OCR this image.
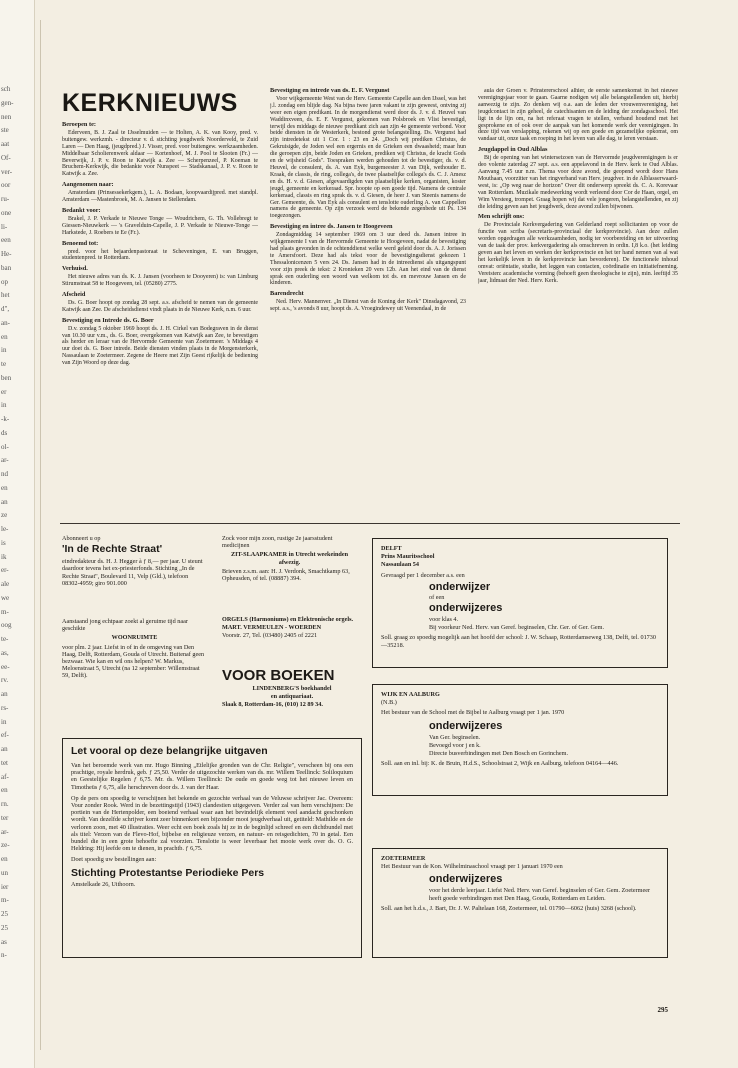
sch
gen-
nen
ste
aat
Of-
ver-
oor
ru-
one
li-
een
He-
ban
op
het
d",
an-
en
in
te
ben
er
in
-k-
ds
ol-
ar-
nd
en
an
ze
le-
is
ik
er-
ale
we
m-
oog
te-
as,
ee-
rv.
an
rs-
in
ef-
an
tet
af-
en
rn.
ter
ar-
ze-
en
un
ier
m-
25
25
as
n-
KERKNIEUWS

Beroepen te:

Ederveen, B. J. Zaal te IJsselmuiden — te Holten, A. K. van Kooy, pred. v. buitengew. werkzmh. - directeur v. d. stichting jeugdwerk Noorderveld, te Zuid Laren — Den Haag, (jeugdpred.) J. Visser, pred. voor buitengew. werkzaamheden. Middelbaar Scholierenwerk aldaar — Kortenhoef, M. J. Pool te Slooten (Fr.) — Beverwijk, J. P. v. Roon te Katwijk a. Zee — Scherpenzeel, P. Koeman te Bruchem-Kerkwijk, die bedankte voor Nunspeet — Stadskanaal, J. P. v. Roon te Katwijk a. Zee.

Aangenomen naar:

Amsterdam (Prinsessekerkgem.), L. A. Bodaan, koopvaardijpred. met standpl. Amsterdam —Mastenbroek, M. A. Jansen te Stellendam.

Bedankt voor:

Brakel, J. P. Verkade te Nieuwe Tonge — Woudrichem, G. Th. Vollebregt te Giessen-Nieuwkerk — 's Gravelduin-Capelle, J. P. Verkade te Nieuwe-Tonge — Harkstede, J. Roebers te Ee (Fr.).

Benoemd tot:

pred. voor het bejaardenpastoraat te Scheveningen, E. van Bruggen, studentenpred. te Rotterdam.

Verhuisd.

Het nieuwe adres van ds. K. J. Jansen (voorheen te Dooyeren) is: van Limburg Stirumstraat 58 te Hoogeveen, tel. (05280) 2775.

Afscheid

Ds. G. Boer hoopt op zondag 28 sept. a.s. afscheid te nemen van de gemeente Katwijk aan Zee. De afscheidsdienst vindt plaats in de Nieuwe Kerk, n.m. 6 uur.

Bevestiging en Intrede ds. G. Boer

D.v. zondag 5 oktober 1969 hoopt ds. J. H. Cirkel van Bodegraven in de dienst van 10.30 uur v.m., ds. G. Boer, overgekomen van Katwijk aan Zee, te bevestigen als herder en leraar van de Hervormde Gemeente van Zoetermeer. 's Middags 4 uur doet ds. G. Boer intrede. Beide diensten vinden plaats in de Morgensterkerk, Nassaulaan te Zoetermeer. Zegene de Heere met Zijn Geest rijkelijk de bediening van Zijn Woord op deze dag.

Bevestiging en intrede van ds. E. F. Vergunst

Voor wijkgemeente West van de Herv. Gemeente Capelle aan den IJssel, was het j.l. zondag een blijde dag. Na bijna twee jaren vakant te zijn geweest, ontving zij weer een eigen predikant. In de morgendienst werd door ds. J. v. d. Heuvel van Waddinxveen, ds. E. F. Vergunst, gekomen van Polsbroek en Vlist bevestigd, terwijl des middags de nieuwe predikant zich aan zijn 4e gemeente verbond. Voor beide diensten in de Westerkerk, bestond grote belangstelling. Ds. Vergunst had zijn intredetekst uit 1 Cor. 1 : 23 en 24. „Doch wij prediken Christus, de Gekruisigde, de Joden wel een ergernis en de Grieken een dwaasheid; maar hun die geroepen zijn, beide Joden en Grieken, prediken wij Christus, de kracht Gods en de wijsheid Gods". Toespraken werden gehouden tot de bevestiger, ds. v. d. Heuvel, de consulent, ds. A. van Eyk, burgemeester J. van Dijk, wethouder E. Kraak, de classis, de ring, collega's, de twee plaatselijke collega's ds. C. J. Amesz en ds. H. v. d. Giesen, afgevaardigden van plaatselijke kerken, organisten, koster jeugd, gemeente en kerkeraad. Spr. hoopte op een goede tijd. Namens de centrale kerkeraad, classis en ring sprak ds. v. d. Giesen, de heer J. van Steenis namens de Ger. Gemeente, ds. Van Eyk als consulent en tenslotte ouderling A. van Cappellen namens de gemeente. Op zijn verzoek werd de bekende zegenbede uit Ps. 134 toegezongen.

Bevestiging en intree ds. Jansen te Hoogeveen

Zondagmiddag 14 september 1969 om 3 uur deed ds. Jansen intree in wijkgemeente I van de Hervormde Gemeente te Hoogeveen, nadat de bevestiging had plaats gevonden in de ochtenddienst welke werd geleid door ds. A. J. Jorissen te Amersfoort. Deze had als tekst voor de bevestigingsdienst gekozen 1 Thessalonicenzen 5 vers 24. Ds. Jansen had in de intreedienst als uitgangspunt voor zijn preek de tekst: 2 Kronieken 20 vers 12b. Aan het eind van de dienst sprak een ouderling een woord van welkom tot ds. en mevrouw Jansen en de kinderen.

Barendrecht

Ned. Herv. Mannenver. „In Dienst van de Koning der Kerk" Dinsdagavond, 23 sept. a.s., 's avonds 8 uur, hoopt ds. A. Vroegindewey uit Veenendaal, in de

aula der Groen v. Prinstererschool alhier, de eerste samenkomst in het nieuwe verenigingsjaar voor te gaan. Gaarne nodigen wij alle belangstellenden uit, hierbij aanwezig te zijn. Zo denken wij o.a. aan de leden der vrouwenvereniging, het jeugdcontact in zijn geheel, de catechisanten en de leiding der zondagsschool. Het ligt in de lijn om, na het referaat vragen te stellen, verband houdend met het gesprokene en of ook over de aanpak van het komende werk der verenigingen. In deze tijd van verslapping, rekenen wij op een goede en gezamelijke opkomst, om vandaar uit, onze taak en roeping in het leven van alle dag, te leren verstaan.

Jeugdappel in Oud Alblas

Bij de opening van het winterseizoen van de Hervormde jeugdverenigingen is er deo volente zaterdag 27 sept. a.s. een appelavond in de Herv. kerk te Oud Alblas. Aanvang 7.45 uur n.m. Thema voor deze avond, die geopend wordt door Hans Mouthaan, voorzitter van het ringverband van Herv. jeugdver. in de Alblasserwaard-west, is: „Op weg naar de horizon" Over dit onderwerp spreekt ds. C. A. Korevaar van Rotterdam. Muzikale medewerking wordt verleend door Cor de Haan, orgel, en Wim Versteeg, trompet. Graag hopen wij dat vele jongeren, belangstellenden, en zij die leiding geven aan het jeugdwerk, deze avond zullen bijwonen.

Men schrijft ons:

De Provinciale Kerkvergadering van Gelderland roept sollicitanten op voor de functie van scriba (secretaris-provinciaal der kerkprovincie). Aan deze zullen worden opgedragen alle werkzaamheden, nodig ter voorbereiding en ter uitvoering van de taak der prov. kerkvergadering als omschreven in ordin. I,8 k.o. (het leiding geven aan het leven en werken der kerkprovincie en het ter hand nemen van al wat het kerkelijk leven in de kerkprovincie kan bevorderen). De functionele inhoud omvat: oriëntatie, studie, het leggen van contacten, coördinatie en initiatiefneming. Vereisten: academische vorming (behoeft geen theologische te zijn), min. leeftijd 35 jaar, lidmaat der Ned. Herv. Kerk.

Abonneert u op

'In de Rechte Straat'

eindredakteur ds. H. J. Hegger à ƒ 8,— per jaar. U steunt daardoor tevens het ex-priesterfonds. Stichting „In de Rechte Straat", Boulevard 11, Velp (Gld.), telefoon 08302-4959; giro 901.000

Aanstaand jong echtpaar zoekt al geruime tijd naar geschikte

WOONRUIMTE

voor plm. 2 jaar. Liefst in of in de omgeving van Den Haag, Delft, Rotterdam, Gouda of Utrecht. Buitenaf geen bezwaar. Wie kan en wil ons helpen? W. Markus, Meloenstraat 5, Utrecht (na 12 september: Willemstraat 59, Delft).

Zock voor mijn zoon, rustige 2e jaarsstudent medicijnen

ZIT-SLAAPKAMER in Utrecht weekeinden afwezig.

Brieven z.s.m. aan: H. J. Verdonk, Smachtkamp 63, Opheusden, of tel. (08887) 394.

ORGELS (Harmoniums) en Elektronische orgels.

MART. VERMEULEN - WOERDEN

Voorstr. 27, Tel. (03480) 2405 of 2221

VOOR BOEKEN

LINDENBERG'S boekhandel

en antiquariaat.

Slaak 8, Rotterdam-16, (010) 12 89 34.

DELFT

Prins Mauritsschool

Nassaulaan 54

Gevraagd per 1 december a.s. een

onderwijzer

of een

onderwijzeres

voor klas 4.

Bij voorkeur Ned. Herv. van Geref. beginselen, Chr. Ger. of Ger. Gem.

Soll. graag zo spoedig mogelijk aan het hoofd der school: J. W. Schaap, Rotterdamseweg 138, Delft, tel. 01730—35218.

WIJK EN AALBURG

(N.B.)

Het bestuur van de School met de Bijbel te Aalburg vraagt per 1 jan. 1970

onderwijzeres

Van Ger. beginselen.

Bevoegd voor j en k.

Directe busverbindingen met Den Bosch en Gorinchem.

Soll. aan en inl. bij: K. de Bruin, H.d.S., Schoolstraat 2, Wijk en Aalburg, telefoon 04164—446.

ZOETERMEER

Het Bestuur van de Kon. Wilhelminaschool vraagt per 1 januari 1970 een

onderwijzeres

voor het derde leerjaar. Liefst Ned. Herv. van Geref. beginselen of Ger. Gem. Zoetermeer heeft goede verbindingen met Den Haag, Gouda, Rotterdam en Leiden.

Soll. aan het h.d.s., J. Bart, Dr. J. W. Paltelaan 168, Zoetermeer, tel. 01790—6062 (huis) 3268 (school).

Let vooral op deze belangrijke uitgaven

Van het beroemde werk van mr. Hugo Binning „Etlelijke gronden van de Chr. Religie", verscheen bij ons een prachtige, royale herdruk, geb. ƒ 25,50. Verder de uitgezochte werken van ds. mr. Willem Teellinck: Soliloquium en Geestelijke Regelen ƒ 6,75. Mr. ds. Willem Teellinck: De oude en goede weg tot het nieuwe leven en Timotheüs ƒ 6,75, alle herschreven door ds. J. van der Haar.

Op de pers om spoedig te verschijnen het bekende en gezochte verhaal van de Veluwse schrijver Jac. Overeem: Vour zonder Rook. Werd in de bezettingstijd (1943) clandestien uitgegeven. Verder zal van hem verschijnen: De portiein van de Hertenpolder, een boeiend verhaal waar aan het bevindelijk element veel aandacht geschonken wordt. Van dezelfde schrijver komt zeer binnenkort een bijzonder mooi jeugdverhaal uit, getiteld: Mathilde en de verloren zoon, met 40 illustraties. Weer echt een boek zoals hij ze in de beginlijd schreef en een dichtbundel met als titel: Verzen van de Flevo-Hof, bijbelse en religieuze verzen, en natuur- en reisgedichten, 70 in getal. Een bundel die in een grote behoefte zal voorzien. Tenslotte is weer leverbaar het mooie werk over ds. O. G. Heldring: Hij leefde om te dienen, in prachtb. ƒ 6,75.

Doet spoedig uw bestellingen aan:

Stichting Protestantse Periodieke Pers

Amstelkade 26, Uithoorn.

295
